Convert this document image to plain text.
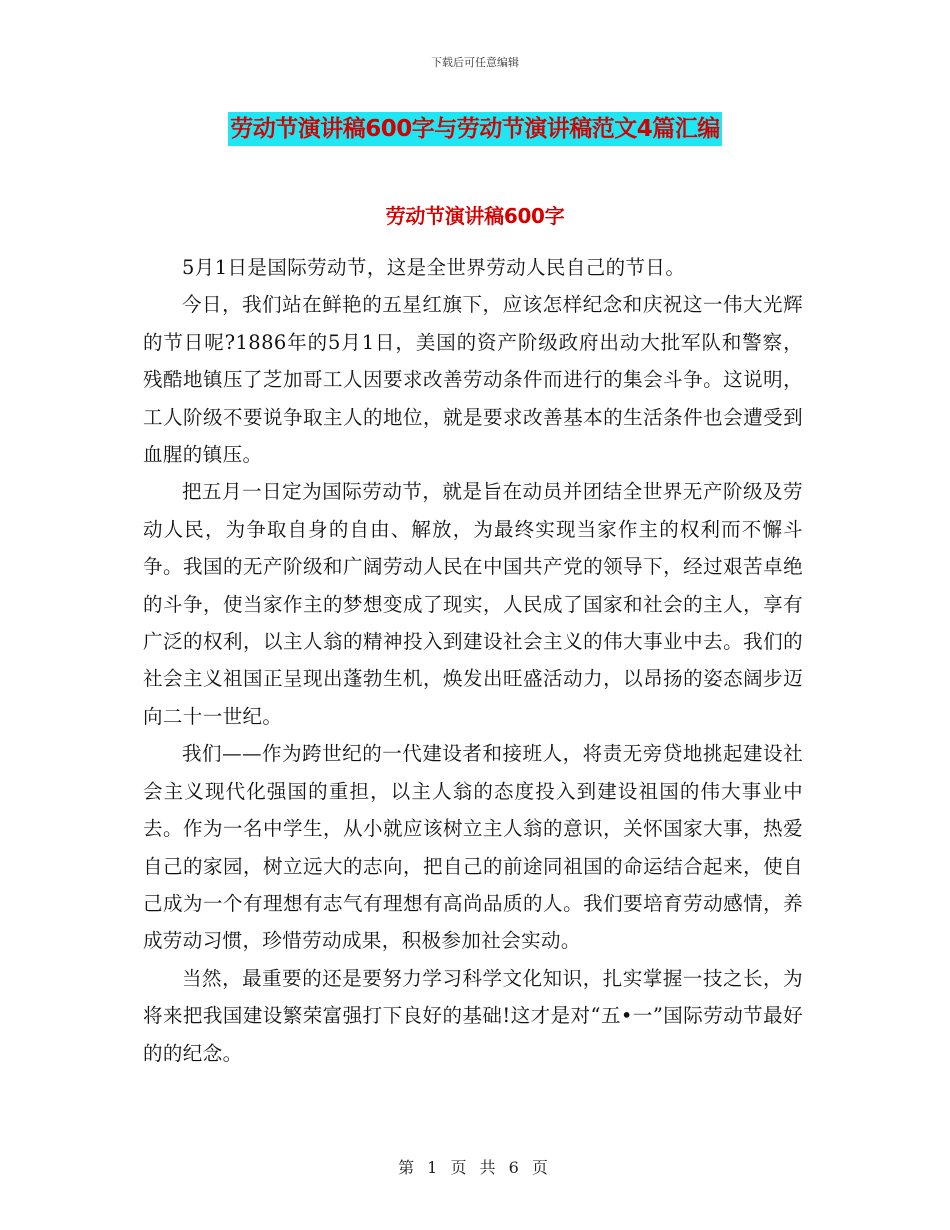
下载后可任意编辑
劳动节演讲稿600字与劳动节演讲稿范文4篇汇编
劳动节演讲稿600字

5月1日是国际劳动节，这是全世界劳动人民自己的节日。

今日，我们站在鲜艳的五星红旗下，应该怎样纪念和庆祝这一伟大光辉的节日呢?1886年的5月1日，美国的资产阶级政府出动大批军队和警察，残酷地镇压了芝加哥工人因要求改善劳动条件而进行的集会斗争。这说明，工人阶级不要说争取主人的地位，就是要求改善基本的生活条件也会遭受到血腥的镇压。

把五月一日定为国际劳动节，就是旨在动员并团结全世界无产阶级及劳动人民，为争取自身的自由、解放，为最终实现当家作主的权利而不懈斗争。我国的无产阶级和广阔劳动人民在中国共产党的领导下，经过艰苦卓绝的斗争，使当家作主的梦想变成了现实，人民成了国家和社会的主人，享有广泛的权利，以主人翁的精神投入到建设社会主义的伟大事业中去。我们的社会主义祖国正呈现出蓬勃生机，焕发出旺盛活动力，以昂扬的姿态阔步迈向二十一世纪。

我们——作为跨世纪的一代建设者和接班人，将责无旁贷地挑起建设社会主义现代化强国的重担，以主人翁的态度投入到建设祖国的伟大事业中去。作为一名中学生，从小就应该树立主人翁的意识，关怀国家大事，热爱自己的家园，树立远大的志向，把自己的前途同祖国的命运结合起来，使自己成为一个有理想有志气有理想有高尚品质的人。我们要培育劳动感情，养成劳动习惯，珍惜劳动成果，积极参加社会实动。

当然，最重要的还是要努力学习科学文化知识，扎实掌握一技之长，为将来把我国建设繁荣富强打下良好的基础!这才是对“五•一”国际劳动节最好的的纪念。

第 1 页 共 6 页
